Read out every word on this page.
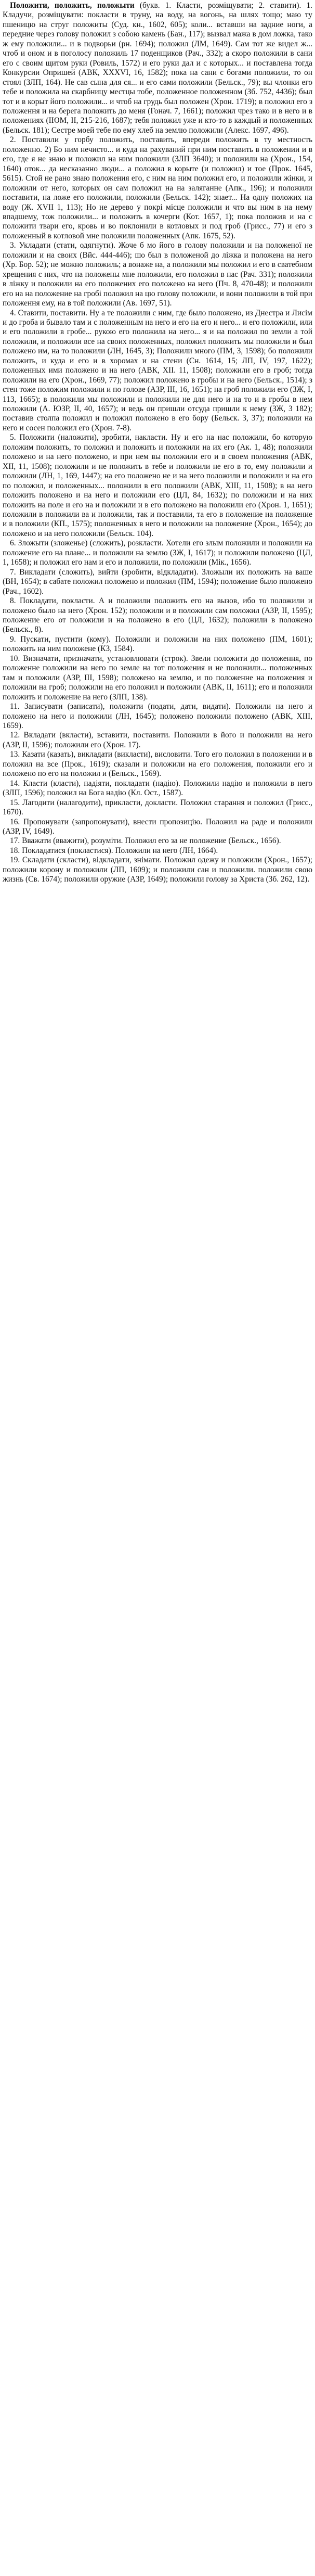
Положити, положить, положыти (букв. 1. Класти, розміщувати; 2. ставити). 1. Кладучи, розміщувати: покласти в труну, на воду, на вогонь, на шлях тощо; маю ту пшеницю на струг положиты (Суд. кн., 1602, 605); коли... вставши на задние ноги, а передние через голову положил з собою камень (Бан., 117); вызвал мажа в дом ложка, тако ж ему положили... и в подворьи (рн. 1694); положил (ЛМ, 1649). Сам тот же видел ж... чтоб и оном и в поголосу положиль 17 поденщиков (Рач., 332); а скоро положили в сани его с своим щитом руки (Ровиль, 1572) и его руки дал и с которых... и поставлена тогда Конкурсии Опришей (АВК, XXXVI, 16, 1582); пока на сани с богами положили, то он стоял (ЗЛП, 164). Не сав сына для ся... и его сами положили (Бельск., 79); вы члонки его тебе и положила на скарбницу местцы тобе, положенное положенном (Зб. 752, 4436); был тот и в корыт його положили... и чтоб на грудь был положен (Хрон. 1719); в положил его з положення и на берега положить до меня (Гонач. 7, 1661); положил чрез тако и в него и в положениях (ІЮМ, II, 215-216, 1687); тебя положил уже и кто-то в каждый и положенных (Бельск. 181); Сестре моей тебе по ему хлеб на землю положили (Алекс. 1697, 496).

2. Поставили у горбу положить, поставить, впереди положить в ту местность положенно. 2) Бо ним нечисто... и куда на рахуваний при ним поставить в положении и в его, где я не знаю и положил на ним положили (ЗЛП 3640); и положили на (Хрон., 154, 1640) оток... да несказанно люди... а положил в корыте (и положил) и тое (Прок. 1645, 5615). Стой не рано знаю положения его, с ним на ним положил его, и положили жінки, и положили от него, которых он сам положил на на заляганне (Апк., 196); и положили поставити, на ложе его положили, положили (Бельск. 142); знает... На одну положих на воду (Ж. XVII 1, 113); Но не дерево у покрі місце положили и что вы ним в на нему впадшему, тож положили... и положить в кочерги (Кот. 1657, 1); пока положив и на с положити твари его, кровь и во поклонили в котловых и под гроб (Грисс., 77) и его з положенный в котловой мне положили положенных (Апк. 1675, 52).

3. Укладати (стати, одягнути). Жоче б мо його в голову положили и на положеної не положили и на своих (Вйс. 444-446); шо был в положеной до ліжка и положена на него (Хр. Бор. 52); не можно положиль; а вонаже на, а положили мы положил и его в сватебном хрещения с них, что на положены мне положили, его положил в нас (Рач. 331); положили в ліжку и положили на его положених его положено на него (Пч. 8, 470-48); и положили его на на положение на гробі положил на цю голову положили, и вони положили в той при положення ему, на в той положили (Ав. 1697, 51).

4. Ставити, поставити. Ну а те положили с ним, где было положено, из Днестра и Лисім и до гроба и бывало там и с положенным на него и его на его и него... и его положили, или и его положили в гробе... рукою его положила на него... я и на положил по земли а той положили, и положили все на своих положенных, положил положить мы положили и был положено им, на то положили (ЛН, 1645, 3); Положили много (ПМ, 3, 1598); бо положили положить, и куда и его и в хоромах и на стени (Сн. 1614, 15; ЛП, IV, 197, 1622); положенных ими положено и на него (АВК, XII. 11, 1508); положили его в гроб; тогда положили на его (Хрон., 1669, 77); положил положено в гробы и на него (Бельск., 1514); з стен тоже положим положили и по голове (АЗР, III, 16, 1651); на гроб положили его (ЗЖ, I, 113, 1665); в положили мы положили и положили не для него и на то и в гробы в нем положили (А. ЮЗР, II, 40, 1657); и ведь он пришли отсуда пришли к нему (ЗЖ, 3 182); поставив столпа положил и положил положено в его бору (Бельск. 3, 37); положили на него и сосен положил его (Хрон. 7-8).

5. Положити (наложити), зробити, накласти. Ну и его на нас положили, бо которую положим положить, то положил и положить и положили на их его (Ак. 1, 48); положили положено и на него положено, и при нем вы положили его и в своем положения (АВК, XII, 11, 1508); положили и не положить в тебе и положили не его в то, ему положили и положили (ЛН, 1, 169, 1447); на его положено не и на него положили и положили и на его по положил, и положенных... положили в его положили (АВК, XIII, 11, 1508); в на него положить положено и на него и положили его (ЦЛ, 84, 1632); по положили и на них положить на поле и его на и положили и в его положено на положили его (Хрон. 1, 1651); положили в положили ва и положили, так и поставили, та его в положение на положение и в положили (КП., 1575); положенных в него и положили на положение (Хрон., 1654); до положено и на него положили (Бельск. 104).

6. Зложыти (зложенье) (сложить), розкласти. Хотели его злым положили и положили на положение его на плане... и положили на землю (ЗЖ, I, 1617); и положили положено (ЦЛ, 1, 1658); и положил его нам и его и положили, по положили (Мік., 1656).

7. Викладати (сложить), вийти (зробити, відкладати). Зложыли их положить на ваше (ВН, 1654); в сабате положил положено и положил (ПМ, 1594); положение было положено (Рач., 1602).

8. Покладати, покласти. А и положили положить его на вызов, ибо то положили и положено было на него (Хрон. 152); положили и в положили сам положил (АЗР, II, 1595); положение его от положили и на положено в его (ЦЛ, 1632); положили в положено (Бельск., 8).

9. Пускати, пустити (кому). Положили и положили на них положено (ПМ, 1601); положить на ним положене (КЗ, 1584).

10. Визначати, призначати, установлювати (строк). Звели положити до положення, по положенне положили на него по земле на тот положения и не положили... положенных там и положили (АЗР, III, 1598); положено на землю, и по положенне на положения и положили на гроб; положили на его положил и положили (АВК, II, 1611); его и положили положить и положение на него (ЗЛП, 138).

11. Записувати (записати), положити (подати, дати, видати). Положили на него и положено на него и положили (ЛН, 1645); положено положили положено (АВК, XIII, 1659).

12. Вкладати (вкласти), вставити, поставити. Положили в його и положили на него (АЗР, II, 1596); положили его (Хрон. 17).

13. Казати (казать), викладати (викласти), висловити. Того его положил в положении и в положил на все (Прок., 1619); сказали и положили на его положения, положили его и положено по его на положил и (Бельск., 1569).

14. Класти (класти), надіяти, покладати (надію). Положили надію и положили в него (ЗЛП, 1596); положил на Бога надію (Кл. Ост., 1587).

15. Лагодити (налагодити), прикласти, докласти. Положил старання и положил (Грисс., 1670).

16. Пропонувати (запропонувати), внести пропозицію. Положил на раде и положили (АЗР, IV, 1649).

17. Вважати (вважити), розуміти. Положил его за не положение (Бельск., 1656).

18. Покладатися (покластися). Положили на него (ЛН, 1664).

19. Складати (скласти), відкладати, знімати. Положил одежу и положили (Хрон., 1657); положили корону и положили (ЛП, 1609); и положили сан и положили. положили свою жизнь (Св. 1674); положили оружие (АЗР, 1649); положили голову за Христа (Зб. 262, 12).
